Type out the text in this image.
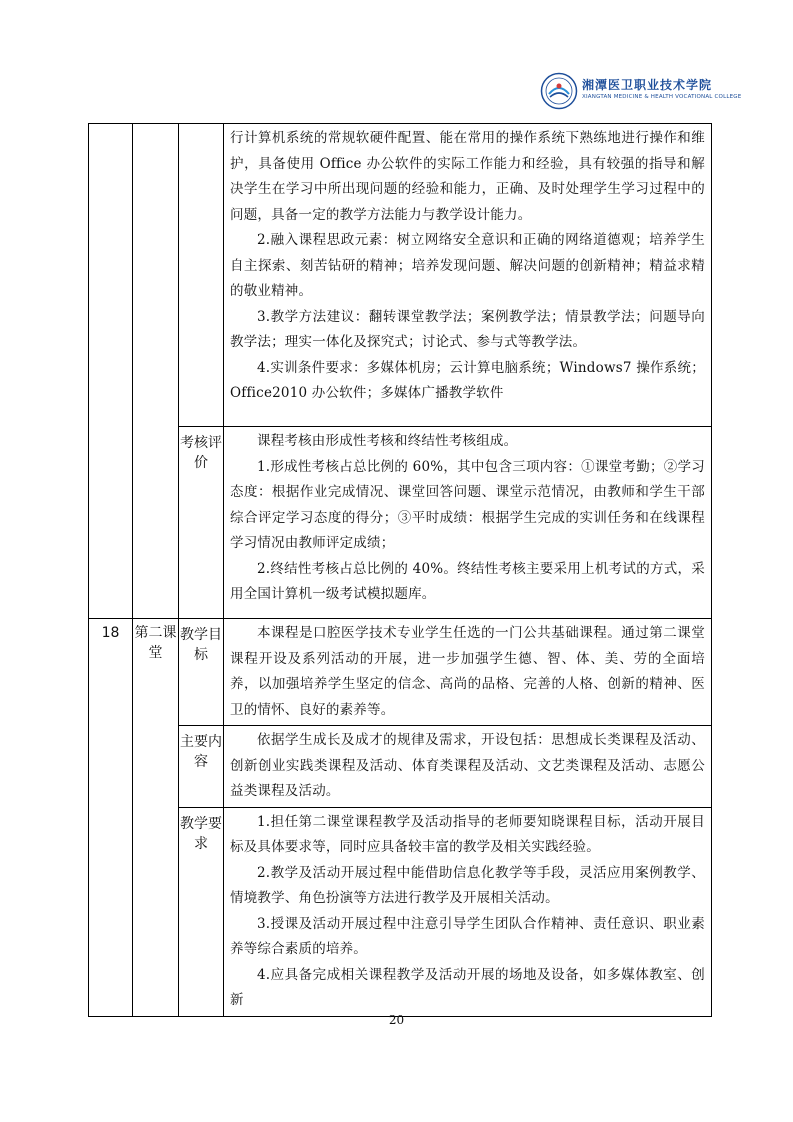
湘潭医卫职业技术学院
XIANGTAN MEDICINE & HEALTH VOCATIONAL COLLEGE

			行计算机系统的常规软硬件配置、能在常用的操作系统下熟练地进行操作和维护，具备使用 Office 办公软件的实际工作能力和经验，具有较强的指导和解决学生在学习中所出现问题的经验和能力，正确、及时处理学生学习过程中的问题，具备一定的教学方法能力与教学设计能力。

2.融入课程思政元素：树立网络安全意识和正确的网络道德观；培养学生自主探索、刻苦钻研的精神；培养发现问题、解决问题的创新精神；精益求精的敬业精神。

3.教学方法建议：翻转课堂教学法；案例教学法；情景教学法；问题导向教学法；理实一体化及探究式；讨论式、参与式等教学法。

4.实训条件要求：多媒体机房；云计算电脑系统；Windows7 操作系统；Office2010 办公软件；多媒体广播教学软件

		考核评价	课程考核由形成性考核和终结性考核组成。

1.形成性考核占总比例的 60%，其中包含三项内容：①课堂考勤；②学习态度：根据作业完成情况、课堂回答问题、课堂示范情况，由教师和学生干部综合评定学习态度的得分；③平时成绩：根据学生完成的实训任务和在线课程学习情况由教师评定成绩；

2.终结性考核占总比例的 40%。终结性考核主要采用上机考试的方式，采用全国计算机一级考试模拟题库。

18	第二课堂	教学目标	本课程是口腔医学技术专业学生任选的一门公共基础课程。通过第二课堂课程开设及系列活动的开展，进一步加强学生德、智、体、美、劳的全面培养，以加强培养学生坚定的信念、高尚的品格、完善的人格、创新的精神、医卫的情怀、良好的素养等。

		主要内容	依据学生成长及成才的规律及需求，开设包括：思想成长类课程及活动、创新创业实践类课程及活动、体育类课程及活动、文艺类课程及活动、志愿公益类课程及活动。

		教学要求	1.担任第二课堂课程教学及活动指导的老师要知晓课程目标，活动开展目标及具体要求等，同时应具备较丰富的教学及相关实践经验。

2.教学及活动开展过程中能借助信息化教学等手段，灵活应用案例教学、情境教学、角色扮演等方法进行教学及开展相关活动。

3.授课及活动开展过程中注意引导学生团队合作精神、责任意识、职业素养等综合素质的培养。

4.应具备完成相关课程教学及活动开展的场地及设备，如多媒体教室、创新

20
